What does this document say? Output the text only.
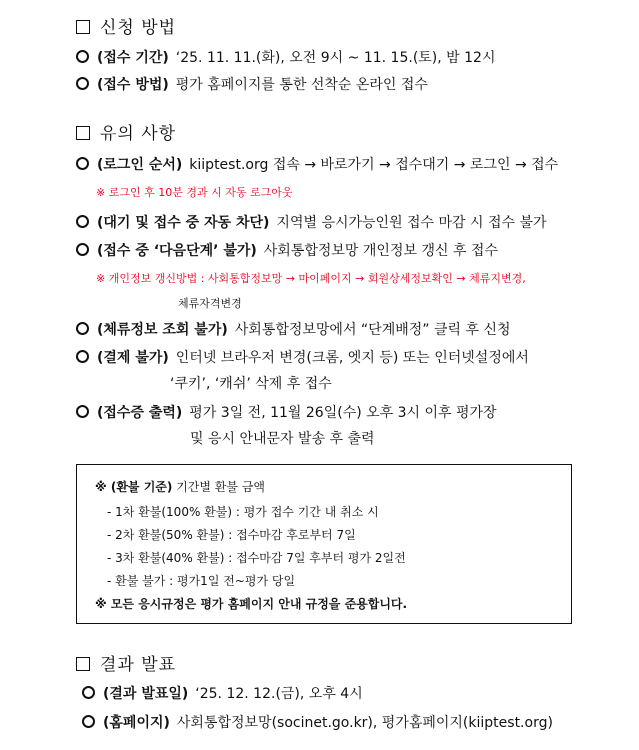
신청 방법
(접수 기간) ‘25. 11. 11.(화), 오전 9시 ~ 11. 15.(토), 밤 12시
(접수 방법) 평가 홈페이지를 통한 선착순 온라인 접수
유의 사항
(로그인 순서) kiiptest.org 접속 → 바로가기 → 접수대기 → 로그인 → 접수
※ 로그인 후 10분 경과 시 자동 로그아웃
(대기 및 접수 중 자동 차단) 지역별 응시가능인원 접수 마감 시 접수 불가
(접수 중 ‘다음단계’ 불가) 사회통합정보망 개인정보 갱신 후 접수
※ 개인정보 갱신방법 : 사회통합정보망 → 마이페이지 → 회원상세정보확인 → 체류지변경,
체류자격변경
(체류정보 조회 불가) 사회통합정보망에서 “단계배정” 클릭 후 신청
(결제 불가) 인터넷 브라우저 변경(크롬, 엣지 등) 또는 인터넷설정에서
‘쿠키’, ‘캐쉬’ 삭제 후 접수
(접수증 출력) 평가 3일 전, 11월 26일(수) 오후 3시 이후 평가장
및 응시 안내문자 발송 후 출력
※ (환불 기준) 기간별 환불 금액
- 1차 환불(100% 환불) : 평가 접수 기간 내 취소 시
- 2차 환불(50% 환불) : 접수마감 후로부터 7일
- 3차 환불(40% 환불) : 접수마감 7일 후부터 평가 2일전
- 환불 불가 : 평가1일 전~평가 당일
※ 모든 응시규정은 평가 홈페이지 안내 규정을 준용합니다.
결과 발표
(결과 발표일) ‘25. 12. 12.(금), 오후 4시
(홈페이지) 사회통합정보망(socinet.go.kr), 평가홈페이지(kiiptest.org)
